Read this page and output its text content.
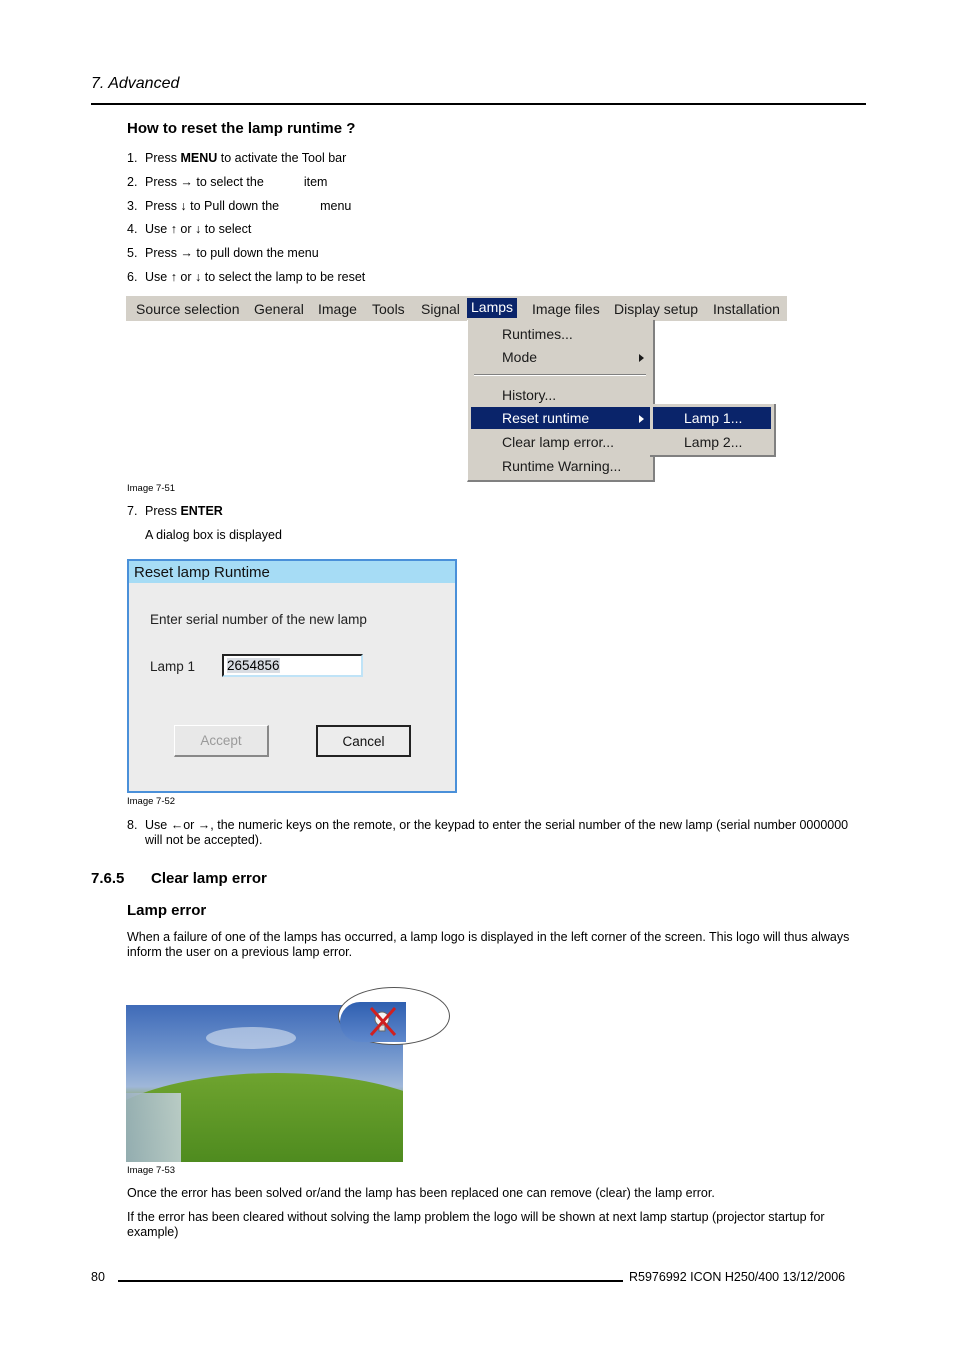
7. Advanced
How to reset the lamp runtime ?
1. Press MENU to activate the Tool bar
2. Press → to select the	item
3. Press ↓ to Pull down the	menu
4. Use ↑ or ↓ to select
5. Press → to pull down the menu
6. Use ↑ or ↓ to select the lamp to be reset
Source selection General Image Tools Signal Lamps Image files Display setup Installation
Runtimes...
Mode
History...
Reset runtime
Clear lamp error...
Runtime Warning...
Lamp 1...
Lamp 2...
Image 7-51
7. Press ENTER
A dialog box is displayed
Reset lamp Runtime
Enter serial number of the new lamp
Lamp 1 2654856
Accept	Cancel
Image 7-52
8. Use ←or →, the numeric keys on the remote, or the keypad to enter the serial number of the new lamp (serial number 0000000
will not be accepted).
7.6.5 Clear lamp error
Lamp error
When a failure of one of the lamps has occurred, a lamp logo is displayed in the left corner of the screen. This logo will thus always
inform the user on a previous lamp error.
Image 7-53
Once the error has been solved or/and the lamp has been replaced one can remove (clear) the lamp error.
If the error has been cleared without solving the lamp problem the logo will be shown at next lamp startup (projector startup for
example)
80	R5976992 ICON H250/400 13/12/2006
